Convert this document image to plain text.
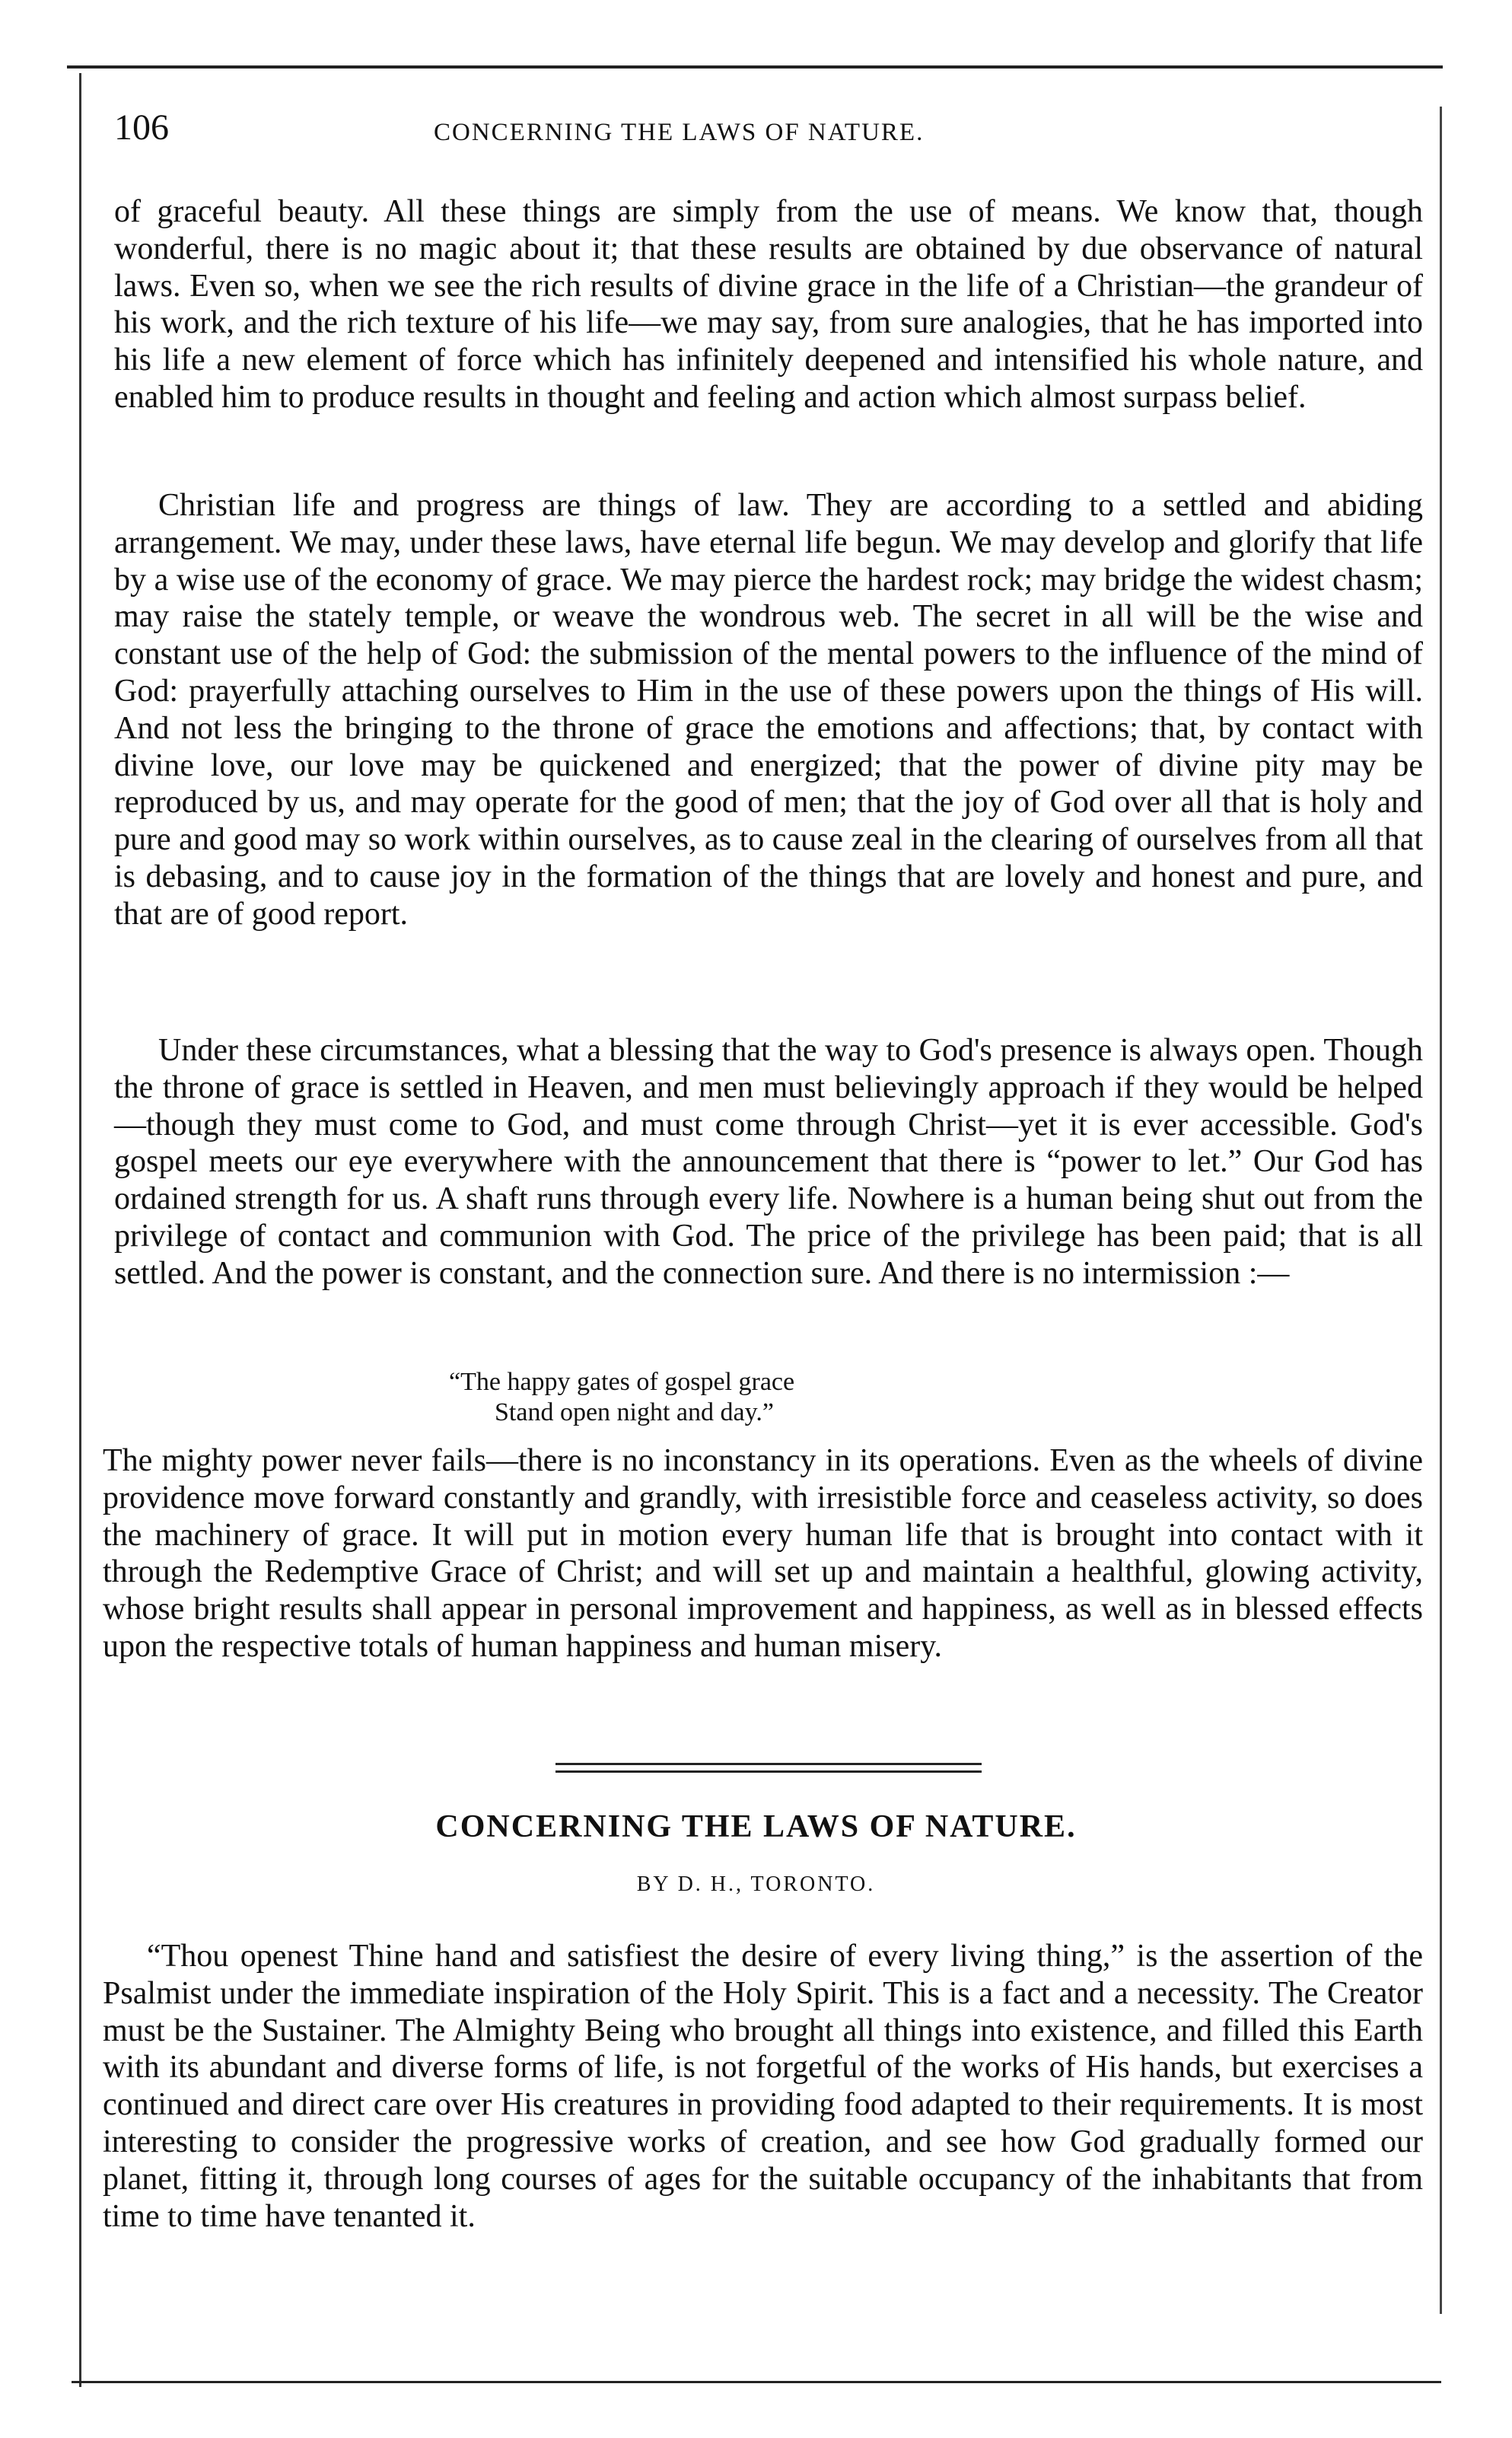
106	CONCERNING THE LAWS OF NATURE.

of graceful beauty. All these things are simply from the use of means. We know that, though wonderful, there is no magic about it; that these results are obtained by due observance of natural laws. Even so, when we see the rich results of divine grace in the life of a Christian—the grandeur of his work, and the rich texture of his life—we may say, from sure analogies, that he has imported into his life a new element of force which has infinitely deepened and intensified his whole nature, and enabled him to produce results in thought and feeling and action which almost surpass belief.

Christian life and progress are things of law. They are according to a settled and abiding arrangement. We may, under these laws, have eternal life begun. We may develop and glorify that life by a wise use of the economy of grace. We may pierce the hardest rock; may bridge the widest chasm; may raise the stately temple, or weave the wondrous web. The secret in all will be the wise and constant use of the help of God: the submission of the mental powers to the influence of the mind of God: prayerfully attaching ourselves to Him in the use of these powers upon the things of His will. And not less the bringing to the throne of grace the emotions and affections; that, by contact with divine love, our love may be quickened and energized; that the power of divine pity may be reproduced by us, and may operate for the good of men; that the joy of God over all that is holy and pure and good may so work within ourselves, as to cause zeal in the clearing of ourselves from all that is debasing, and to cause joy in the formation of the things that are lovely and honest and pure, and that are of good report.

Under these circumstances, what a blessing that the way to God's presence is always open. Though the throne of grace is settled in Heaven, and men must believingly approach if they would be helped—though they must come to God, and must come through Christ—yet it is ever accessible. God's gospel meets our eye everywhere with the announcement that there is “power to let.” Our God has ordained strength for us. A shaft runs through every life. Nowhere is a human being shut out from the privilege of contact and communion with God. The price of the privilege has been paid; that is all settled. And the power is constant, and the connection sure. And there is no intermission :—

“The happy gates of gospel grace
Stand open night and day.”

The mighty power never fails—there is no inconstancy in its operations. Even as the wheels of divine providence move forward constantly and grandly, with irresistible force and ceaseless activity, so does the machinery of grace. It will put in motion every human life that is brought into contact with it through the Redemptive Grace of Christ; and will set up and maintain a healthful, glowing activity, whose bright results shall appear in personal improvement and happiness, as well as in blessed effects upon the respective totals of human happiness and human misery.

CONCERNING THE LAWS OF NATURE.
BY D. H., TORONTO.

“Thou openest Thine hand and satisfiest the desire of every living thing,” is the assertion of the Psalmist under the immediate inspiration of the Holy Spirit. This is a fact and a necessity. The Creator must be the Sustainer. The Almighty Being who brought all things into existence, and filled this Earth with its abundant and diverse forms of life, is not forgetful of the works of His hands, but exercises a continued and direct care over His creatures in providing food adapted to their requirements. It is most interesting to consider the progressive works of creation, and see how God gradually formed our planet, fitting it, through long courses of ages for the suitable occupancy of the inhabitants that from time to time have tenanted it.
